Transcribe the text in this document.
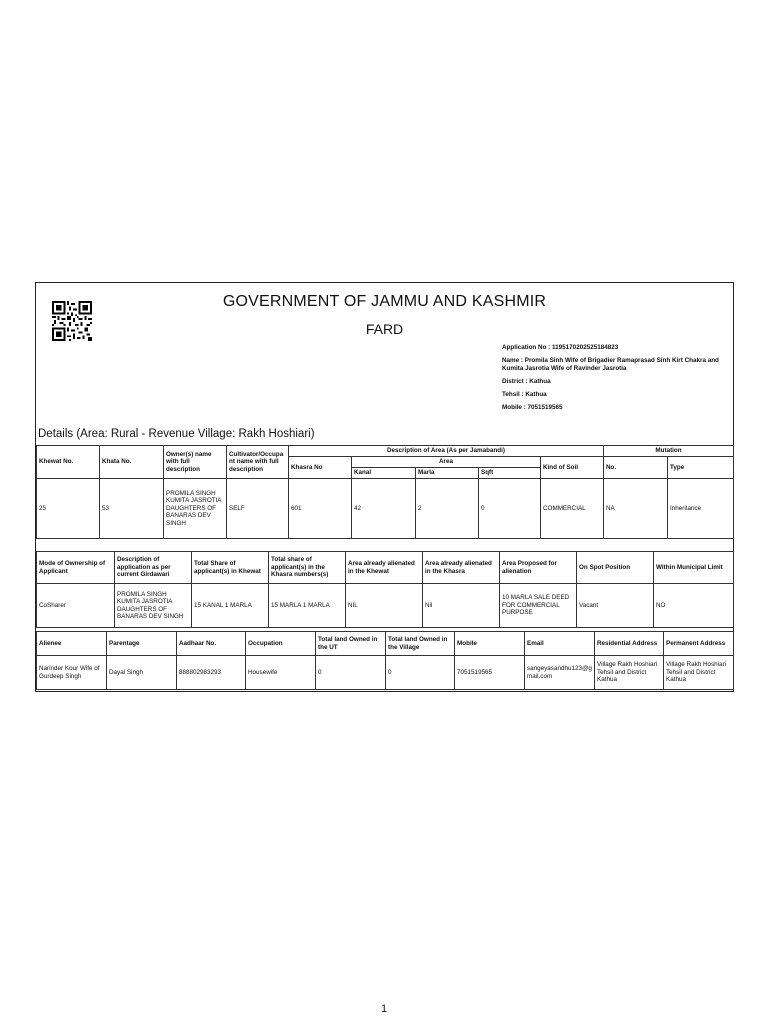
GOVERNMENT OF JAMMU AND KASHMIR
FARD
Application No : 1195170202525184823
Name : Promila Sinh Wife of Brigadier Ramaprasad Sinh Kirt Chakra and Kumita Jasrotia Wife of Ravinder Jasrotia
District : Kathua
Tehsil : Kathua
Mobile : 7051519565
Details (Area: Rural - Revenue Village: Rakh Hoshiari)
Khewat No.	Khata No.	Owner(s) name with full description	Cultivator/Occupant name with full description	Description of Area (As per Jamabandi)					Mutation	
				Khasra No	Area			Kind of Soil	No.	Type
					Kanal	Marla	Sqft			
25	53	PROMILA SINGH KUMITA JASROTIA DAUGHTERS OF BANARAS DEV SINGH	SELF	601	42	2	0	COMMERCIAL	NA	Inheritance
Mode of Ownership of Applicant	Description of application as per current Girdawari	Total Share of applicant(s) in Khewat	Total share of applicant(s) in the Khasra numbers(s)	Area already alienated in the Khewat	Area already alienated in the Khasra	Area Proposed for alienation	On Spot Position	Within Municipal Limit
CoSharer	PROMILA SINGH KUMITA JASROTIA DAUGHTERS OF BANARAS DEV SINGH	15 KANAL 1 MARLA	15 MARLA 1 MARLA	NIL	Nil	10 MARLA SALE DEED FOR COMMERCIAL PURPOSE	Vacant	NO
Alienee	Parentage	Aadhaar No.	Occupation	Total land Owned in the UT	Total land Owned in the Village	Mobile	Email	Residential Address	Permanent Address
Narinder Kour Wife of Gurdeep Singh	Dayal Singh	888802983293	Housewife	0	0	7051519565	sangeyasandhu123@gmail.com	Village Rakh Hoshiari Tehsil and District Kathua	Village Rakh Hoshiari Tehsil and District Kathua
1
